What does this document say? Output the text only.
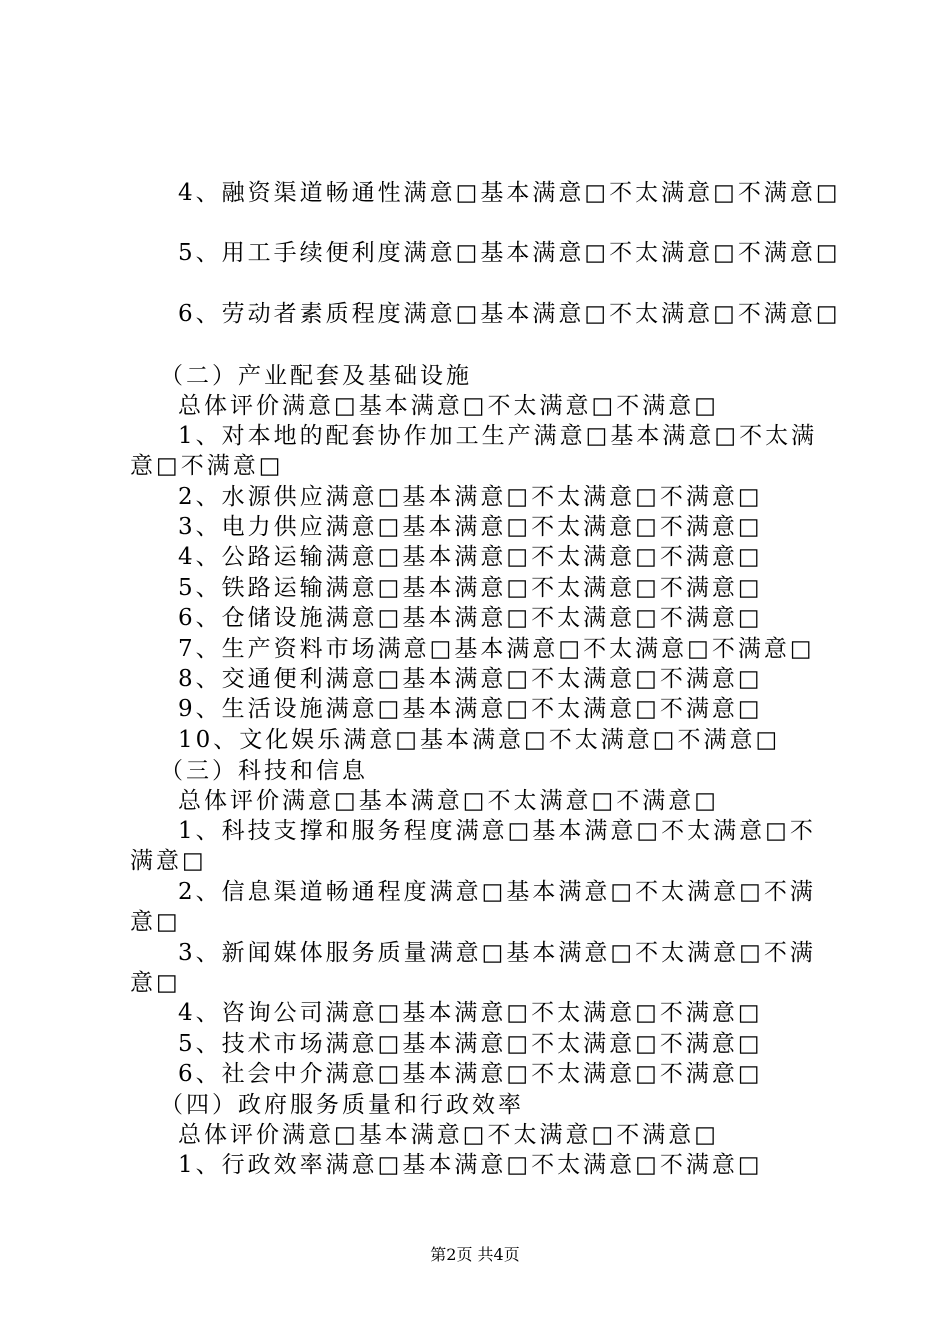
4、融资渠道畅通性满意□基本满意□不太满意□不满意□
5、用工手续便利度满意□基本满意□不太满意□不满意□
6、劳动者素质程度满意□基本满意□不太满意□不满意□
（二）产业配套及基础设施
总体评价满意□基本满意□不太满意□不满意□
1、对本地的配套协作加工生产满意□基本满意□不太满意□不满意□
2、水源供应满意□基本满意□不太满意□不满意□
3、电力供应满意□基本满意□不太满意□不满意□
4、公路运输满意□基本满意□不太满意□不满意□
5、铁路运输满意□基本满意□不太满意□不满意□
6、仓储设施满意□基本满意□不太满意□不满意□
7、生产资料市场满意□基本满意□不太满意□不满意□
8、交通便利满意□基本满意□不太满意□不满意□
9、生活设施满意□基本满意□不太满意□不满意□
10、文化娱乐满意□基本满意□不太满意□不满意□
（三）科技和信息
总体评价满意□基本满意□不太满意□不满意□
1、科技支撑和服务程度满意□基本满意□不太满意□不满意□
2、信息渠道畅通程度满意□基本满意□不太满意□不满意□
3、新闻媒体服务质量满意□基本满意□不太满意□不满意□
4、咨询公司满意□基本满意□不太满意□不满意□
5、技术市场满意□基本满意□不太满意□不满意□
6、社会中介满意□基本满意□不太满意□不满意□
（四）政府服务质量和行政效率
总体评价满意□基本满意□不太满意□不满意□
1、行政效率满意□基本满意□不太满意□不满意□
第2页 共4页
